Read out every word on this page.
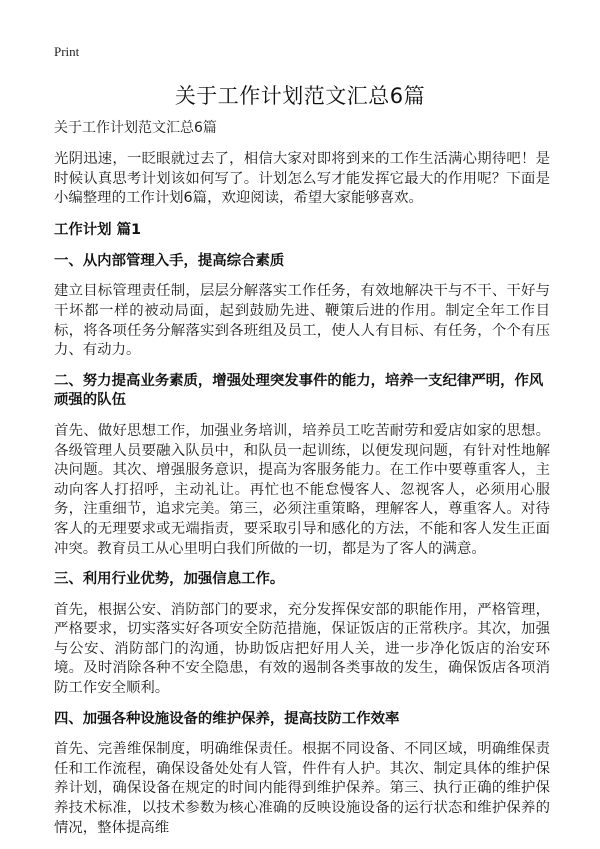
Print
关于工作计划范文汇总6篇

关于工作计划范文汇总6篇

光阴迅速，一眨眼就过去了，相信大家对即将到来的工作生活满心期待吧！是时候认真思考计划该如何写了。计划怎么写才能发挥它最大的作用呢？下面是小编整理的工作计划6篇，欢迎阅读，希望大家能够喜欢。

工作计划 篇1

一、从内部管理入手，提高综合素质

建立目标管理责任制，层层分解落实工作任务，有效地解决干与不干、干好与干坏都一样的被动局面，起到鼓励先进、鞭策后进的作用。制定全年工作目标，将各项任务分解落实到各班组及员工，使人人有目标、有任务，个个有压力、有动力。

二、努力提高业务素质，增强处理突发事件的能力，培养一支纪律严明，作风顽强的队伍

首先、做好思想工作，加强业务培训，培养员工吃苦耐劳和爱店如家的思想。各级管理人员要融入队员中，和队员一起训练，以便发现问题，有针对性地解决问题。其次、增强服务意识，提高为客服务能力。在工作中要尊重客人，主动向客人打招呼，主动礼让。再忙也不能怠慢客人、忽视客人，必须用心服务，注重细节，追求完美。第三，必须注重策略，理解客人，尊重客人。对待客人的无理要求或无端指责，要采取引导和感化的方法，不能和客人发生正面冲突。教育员工从心里明白我们所做的一切，都是为了客人的满意。

三、利用行业优势，加强信息工作。

首先，根据公安、消防部门的要求，充分发挥保安部的职能作用，严格管理，严格要求，切实落实好各项安全防范措施，保证饭店的正常秩序。其次，加强与公安、消防部门的沟通，协助饭店把好用人关，进一步净化饭店的治安环境。及时消除各种不安全隐患，有效的遏制各类事故的发生，确保饭店各项消防工作安全顺利。

四、加强各种设施设备的维护保养，提高技防工作效率

首先、完善维保制度，明确维保责任。根据不同设备、不同区域，明确维保责任和工作流程，确保设备处处有人管，件件有人护。其次、制定具体的维护保养计划，确保设备在规定的时间内能得到维护保养。第三、执行正确的维护保养技术标准，以技术参数为核心准确的反映设施设备的运行状态和维护保养的情况，整体提高维
